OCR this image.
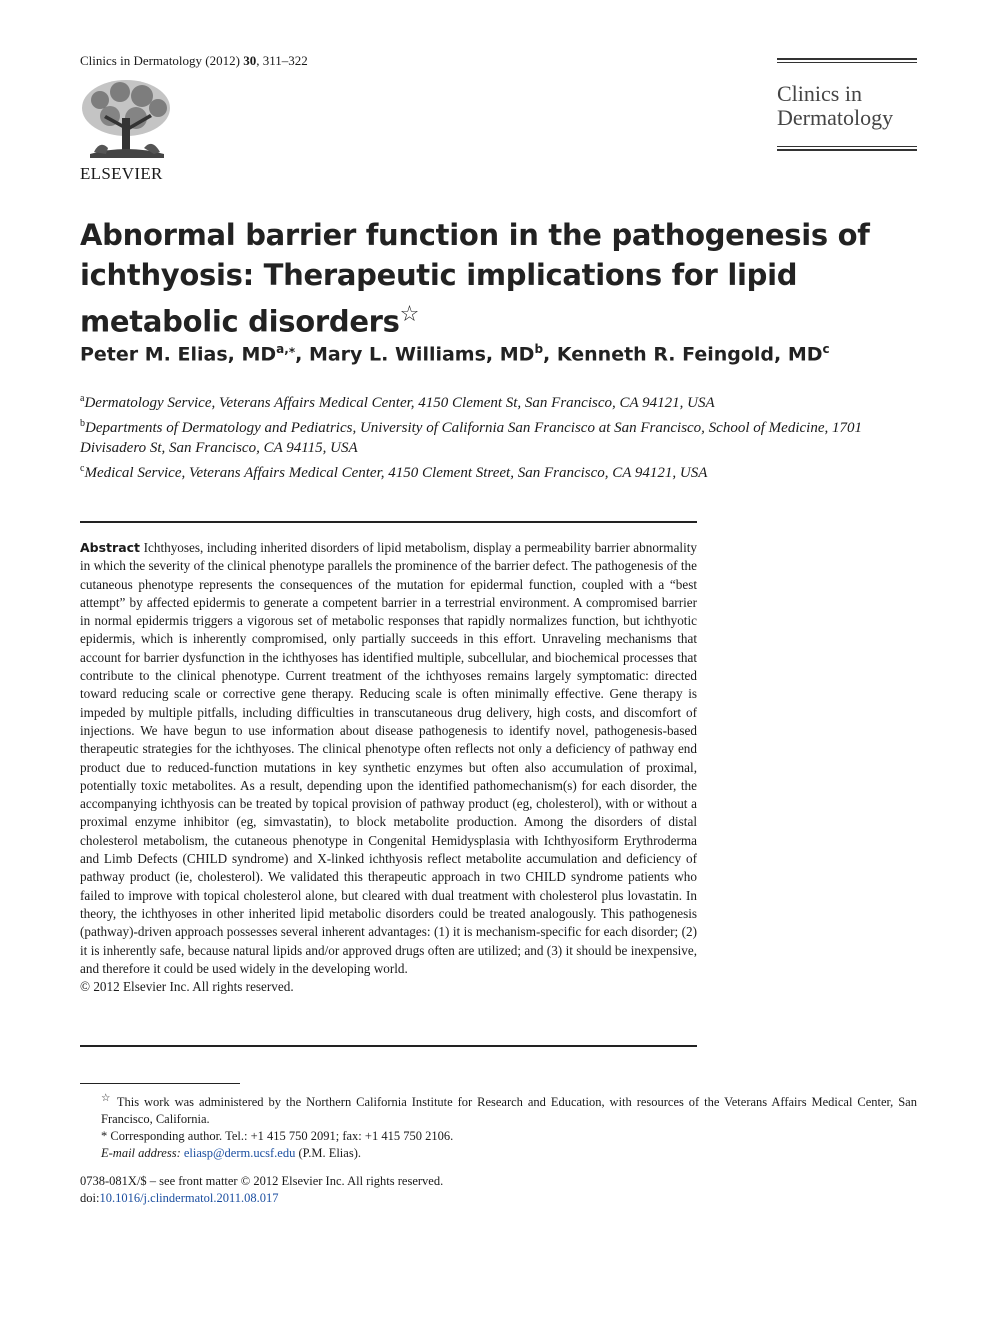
Clinics in Dermatology (2012) 30, 311–322
ELSEVIER
Clinics in
Dermatology
Abnormal barrier function in the pathogenesis of ichthyosis: Therapeutic implications for lipid metabolic disorders☆
Peter M. Elias, $MD^{a,⁎}$, Mary L. Williams, $MD^b$, Kenneth R. Feingold, $MD^c$
$^a$Dermatology Service, Veterans Affairs Medical Center, 4150 Clement St, San Francisco, CA 94121, USA
$^b$Departments of Dermatology and Pediatrics, University of California San Francisco at San Francisco, School of Medicine, 1701 Divisadero St, San Francisco, CA 94115, USA
$^c$Medical Service, Veterans Affairs Medical Center, 4150 Clement Street, San Francisco, CA 94121, USA
Abstract Ichthyoses, including inherited disorders of lipid metabolism, display a permeability barrier abnormality in which the severity of the clinical phenotype parallels the prominence of the barrier defect. The pathogenesis of the cutaneous phenotype represents the consequences of the mutation for epidermal function, coupled with a “best attempt” by affected epidermis to generate a competent barrier in a terrestrial environment. A compromised barrier in normal epidermis triggers a vigorous set of metabolic responses that rapidly normalizes function, but ichthyotic epidermis, which is inherently compromised, only partially succeeds in this effort. Unraveling mechanisms that account for barrier dysfunction in the ichthyoses has identified multiple, subcellular, and biochemical processes that contribute to the clinical phenotype. Current treatment of the ichthyoses remains largely symptomatic: directed toward reducing scale or corrective gene therapy. Reducing scale is often minimally effective. Gene therapy is impeded by multiple pitfalls, including difficulties in transcutaneous drug delivery, high costs, and discomfort of injections. We have begun to use information about disease pathogenesis to identify novel, pathogenesis-based therapeutic strategies for the ichthyoses. The clinical phenotype often reflects not only a deficiency of pathway end product due to reduced-function mutations in key synthetic enzymes but often also accumulation of proximal, potentially toxic metabolites. As a result, depending upon the identified pathomechanism(s) for each disorder, the accompanying ichthyosis can be treated by topical provision of pathway product (eg, cholesterol), with or without a proximal enzyme inhibitor (eg, simvastatin), to block metabolite production. Among the disorders of distal cholesterol metabolism, the cutaneous phenotype in Congenital Hemidysplasia with Ichthyosiform Erythroderma and Limb Defects (CHILD syndrome) and X-linked ichthyosis reflect metabolite accumulation and deficiency of pathway product (ie, cholesterol). We validated this therapeutic approach in two CHILD syndrome patients who failed to improve with topical cholesterol alone, but cleared with dual treatment with cholesterol plus lovastatin. In theory, the ichthyoses in other inherited lipid metabolic disorders could be treated analogously. This pathogenesis (pathway)-driven approach possesses several inherent advantages: (1) it is mechanism-specific for each disorder; (2) it is inherently safe, because natural lipids and/or approved drugs often are utilized; and (3) it should be inexpensive, and therefore it could be used widely in the developing world.
© 2012 Elsevier Inc. All rights reserved.

☆ This work was administered by the Northern California Institute for Research and Education, with resources of the Veterans Affairs Medical Center, San Francisco, California.

* Corresponding author. Tel.: +1 415 750 2091; fax: +1 415 750 2106.

E-mail address: eliasp@derm.ucsf.edu (P.M. Elias).

0738-081X/$ – see front matter © 2012 Elsevier Inc. All rights reserved.

doi:10.1016/j.clindermatol.2011.08.017
